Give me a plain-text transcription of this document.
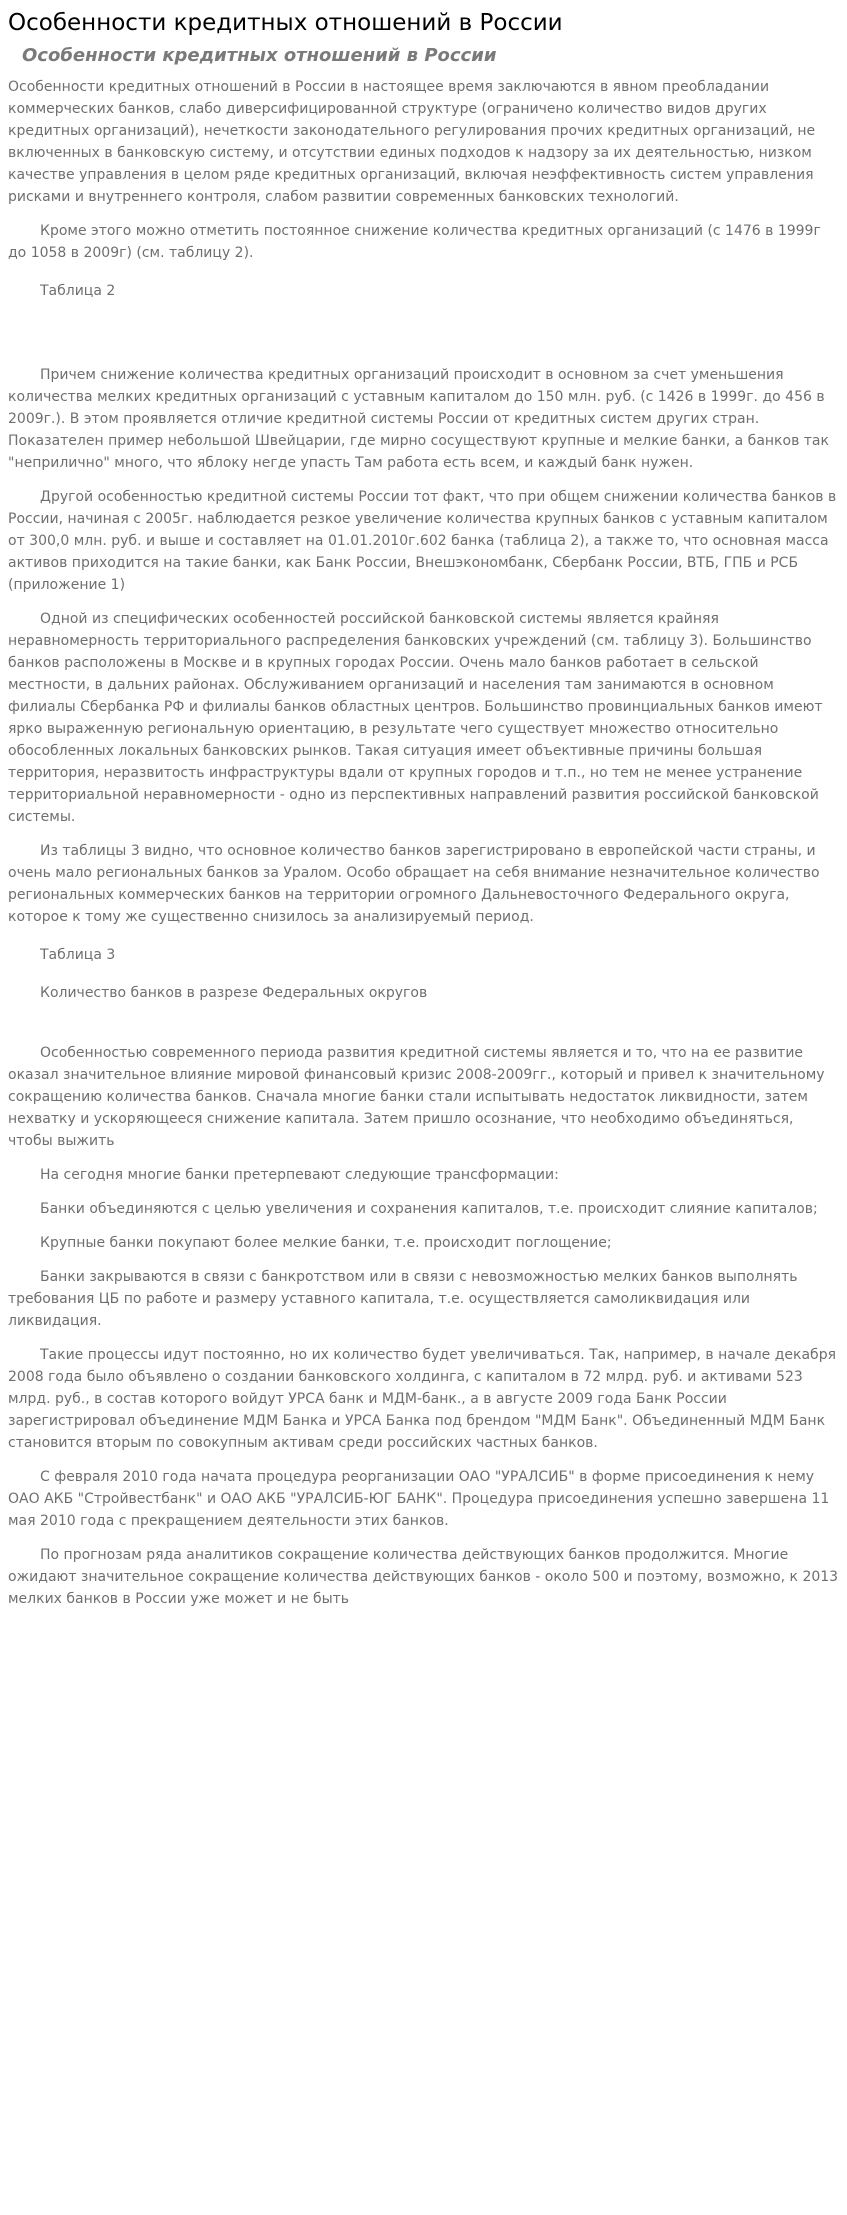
Особенности кредитных отношений в России
Особенности кредитных отношений в России

Особенности кредитных отношений в России в настоящее время заключаются в явном преобладании коммерческих банков, слабо диверсифицированной структуре (ограничено количество видов других кредитных организаций), нечеткости законодательного регулирования прочих кредитных организаций, не включенных в банковскую систему, и отсутствии единых подходов к надзору за их деятельностью, низком качестве управления в целом ряде кредитных организаций, включая неэффективность систем управления рисками и внутреннего контроля, слабом развитии современных банковских технологий.

Кроме этого можно отметить постоянное снижение количества кредитных организаций (с 1476 в 1999г до 1058 в 2009г) (см. таблицу 2).

Таблица 2

Причем снижение количества кредитных организаций происходит в основном за счет уменьшения количества мелких кредитных организаций с уставным капиталом до 150 млн. руб. (с 1426 в 1999г. до 456 в 2009г.). В этом проявляется отличие кредитной системы России от кредитных систем других стран. Показателен пример небольшой Швейцарии, где мирно сосуществуют крупные и мелкие банки, а банков так "неприлично" много, что яблоку негде упасть Там работа есть всем, и каждый банк нужен.

Другой особенностью кредитной системы России тот факт, что при общем снижении количества банков в России, начиная с 2005г. наблюдается резкое увеличение количества крупных банков с уставным капиталом от 300,0 млн. руб. и выше и составляет на 01.01.2010г.602 банка (таблица 2), а также то, что основная масса активов приходится на такие банки, как Банк России, Внешэкономбанк, Сбербанк России, ВТБ, ГПБ и РСБ (приложение 1)

Одной из специфических особенностей российской банковской системы является крайняя неравномерность территориального распределения банковских учреждений (см. таблицу 3). Большинство банков расположены в Москве и в крупных городах России. Очень мало банков работает в сельской местности, в дальних районах. Обслуживанием организаций и населения там занимаются в основном филиалы Сбербанка РФ и филиалы банков областных центров. Большинство провинциальных банков имеют ярко выраженную региональную ориентацию, в результате чего существует множество относительно обособленных локальных банковских рынков. Такая ситуация имеет объективные причины большая территория, неразвитость инфраструктуры вдали от крупных городов и т.п., но тем не менее устранение территориальной неравномерности - одно из перспективных направлений развития российской банковской системы.

Из таблицы 3 видно, что основное количество банков зарегистрировано в европейской части страны, и очень мало региональных банков за Уралом. Особо обращает на себя внимание незначительное количество региональных коммерческих банков на территории огромного Дальневосточного Федерального округа, которое к тому же существенно снизилось за анализируемый период.

Таблица 3

Количество банков в разрезе Федеральных округов

Особенностью современного периода развития кредитной системы является и то, что на ее развитие оказал значительное влияние мировой финансовый кризис 2008-2009гг., который и привел к значительному сокращению количества банков. Сначала многие банки стали испытывать недостаток ликвидности, затем нехватку и ускоряющееся снижение капитала. Затем пришло осознание, что необходимо объединяться, чтобы выжить

На сегодня многие банки претерпевают следующие трансформации:

Банки объединяются с целью увеличения и сохранения капиталов, т.е. происходит слияние капиталов;

Крупные банки покупают более мелкие банки, т.е. происходит поглощение;

Банки закрываются в связи с банкротством или в связи с невозможностью мелких банков выполнять требования ЦБ по работе и размеру уставного капитала, т.е. осуществляется самоликвидация или ликвидация.

Такие процессы идут постоянно, но их количество будет увеличиваться. Так, например, в начале декабря 2008 года было объявлено о создании банковского холдинга, с капиталом в 72 млрд. руб. и активами 523 млрд. руб., в состав которого войдут УРСА банк и МДМ-банк., а в августе 2009 года Банк России зарегистрировал объединение МДМ Банка и УРСА Банка под брендом "МДМ Банк". Объединенный МДМ Банк становится вторым по совокупным активам среди российских частных банков.

С февраля 2010 года начата процедура реорганизации ОАО "УРАЛСИБ" в форме присоединения к нему ОАО АКБ "Стройвестбанк" и ОАО АКБ "УРАЛСИБ-ЮГ БАНК". Процедура присоединения успешно завершена 11 мая 2010 года с прекращением деятельности этих банков.

По прогнозам ряда аналитиков сокращение количества действующих банков продолжится. Многие ожидают значительное сокращение количества действующих банков - около 500 и поэтому, возможно, к 2013 мелких банков в России уже может и не быть
